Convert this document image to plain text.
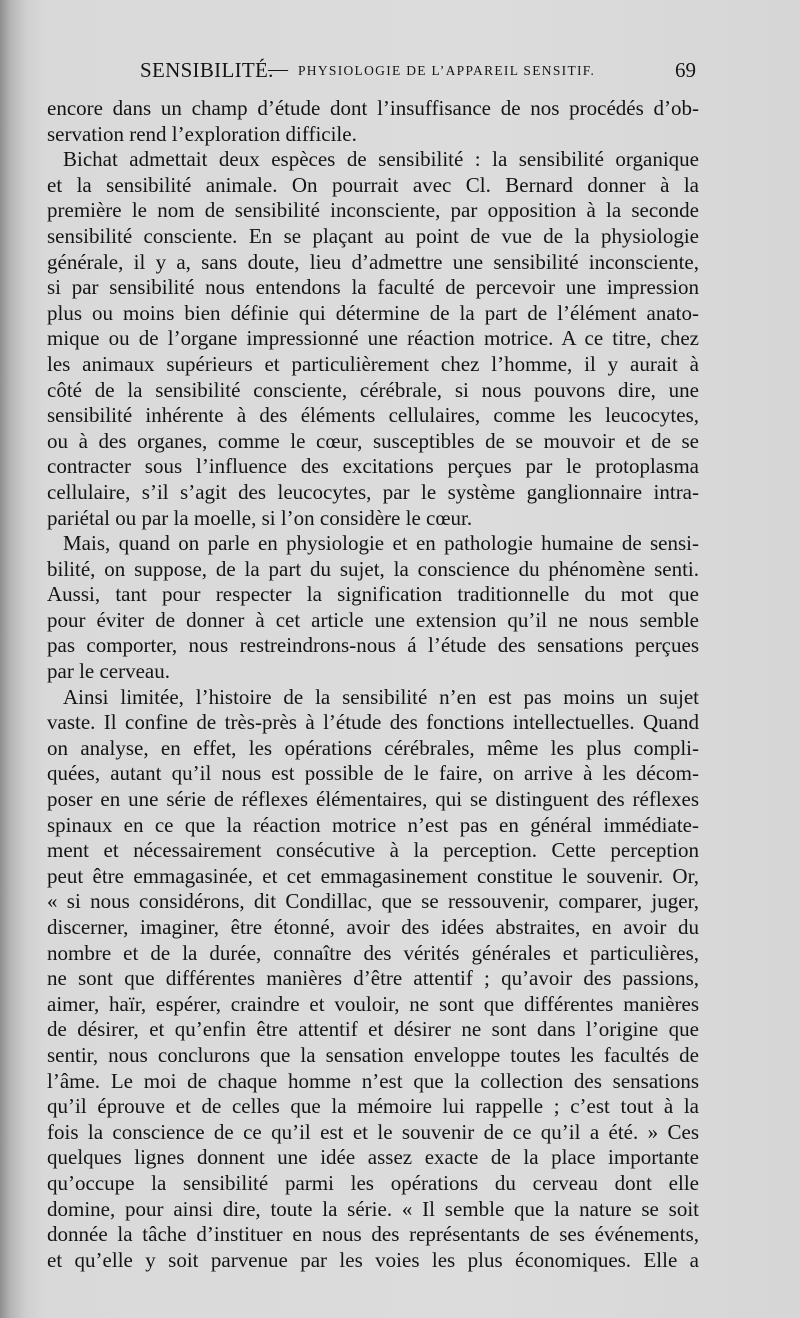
SENSIBILITÉ.
— PHYSIOLOGIE DE L’APPAREIL SENSITIF.	69
encore dans un champ d’étude dont l’insuffisance de nos procédés d’ob-
servation rend l’exploration difficile.
Bichat admettait deux espèces de sensibilité : la sensibilité organique
et la sensibilité animale. On pourrait avec Cl. Bernard donner à la
première le nom de sensibilité inconsciente, par opposition à la seconde
sensibilité consciente. En se plaçant au point de vue de la physiologie
générale, il y a, sans doute, lieu d’admettre une sensibilité inconsciente,
si par sensibilité nous entendons la faculté de percevoir une impression
plus ou moins bien définie qui détermine de la part de l’élément anato-
mique ou de l’organe impressionné une réaction motrice. A ce titre, chez
les animaux supérieurs et particulièrement chez l’homme, il y aurait à
côté de la sensibilité consciente, cérébrale, si nous pouvons dire, une
sensibilité inhérente à des éléments cellulaires, comme les leucocytes,
ou à des organes, comme le cœur, susceptibles de se mouvoir et de se
contracter sous l’influence des excitations perçues par le protoplasma
cellulaire, s’il s’agit des leucocytes, par le système ganglionnaire intra-
pariétal ou par la moelle, si l’on considère le cœur.
Mais, quand on parle en physiologie et en pathologie humaine de sensi-
bilité, on suppose, de la part du sujet, la conscience du phénomène senti.
Aussi, tant pour respecter la signification traditionnelle du mot que
pour éviter de donner à cet article une extension qu’il ne nous semble
pas comporter, nous restreindrons-nous á l’étude des sensations perçues
par le cerveau.
Ainsi limitée, l’histoire de la sensibilité n’en est pas moins un sujet
vaste. Il confine de très-près à l’étude des fonctions intellectuelles. Quand
on analyse, en effet, les opérations cérébrales, même les plus compli-
quées, autant qu’il nous est possible de le faire, on arrive à les décom-
poser en une série de réflexes élémentaires, qui se distinguent des réflexes
spinaux en ce que la réaction motrice n’est pas en général immédiate-
ment et nécessairement consécutive à la perception. Cette perception
peut être emmagasinée, et cet emmagasinement constitue le souvenir. Or,
« si nous considérons, dit Condillac, que se ressouvenir, comparer, juger,
discerner, imaginer, être étonné, avoir des idées abstraites, en avoir du
nombre et de la durée, connaître des vérités générales et particulières,
ne sont que différentes manières d’être attentif ; qu’avoir des passions,
aimer, haïr, espérer, craindre et vouloir, ne sont que différentes manières
de désirer, et qu’enfin être attentif et désirer ne sont dans l’origine que
sentir, nous conclurons que la sensation enveloppe toutes les facultés de
l’âme. Le moi de chaque homme n’est que la collection des sensations
qu’il éprouve et de celles que la mémoire lui rappelle ; c’est tout à la
fois la conscience de ce qu’il est et le souvenir de ce qu’il a été. » Ces
quelques lignes donnent une idée assez exacte de la place importante
qu’occupe la sensibilité parmi les opérations du cerveau dont elle
domine, pour ainsi dire, toute la série. « Il semble que la nature se soit
donnée la tâche d’instituer en nous des représentants de ses événements,
et qu’elle y soit parvenue par les voies les plus économiques. Elle a
